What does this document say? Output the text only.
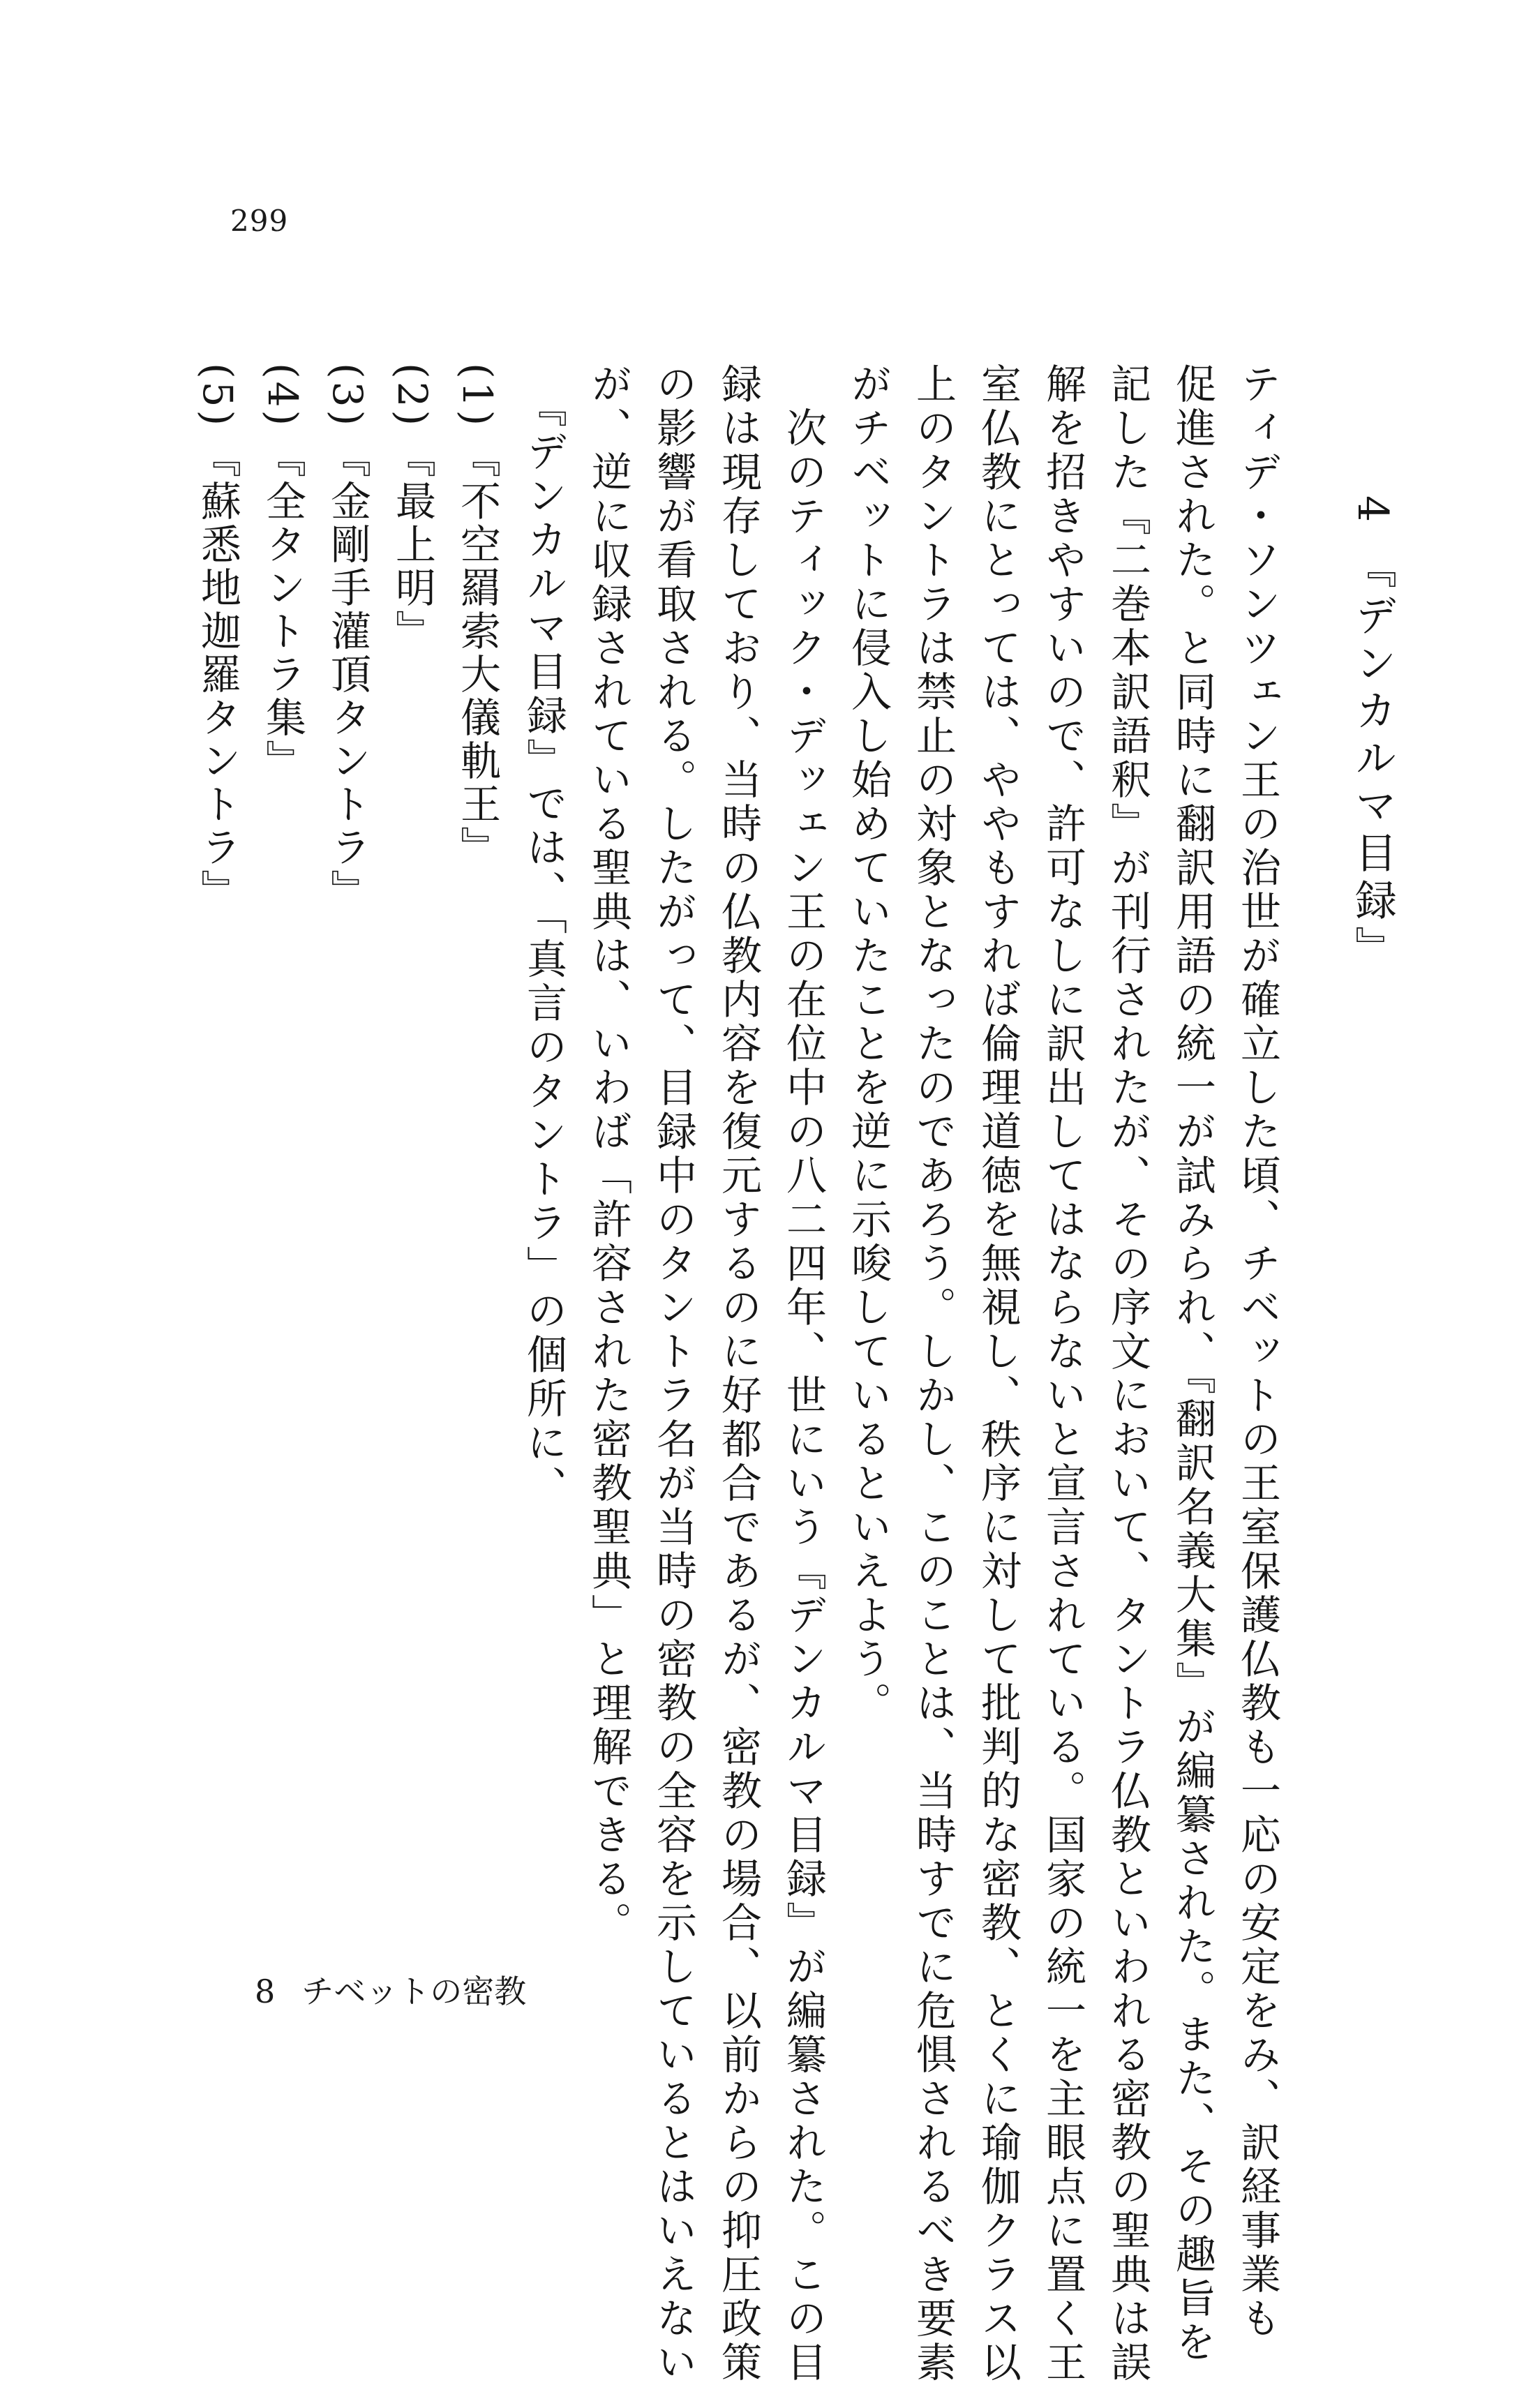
299
4 『デンカルマ目録』
ティデ・ソンツェン王の治世が確立した頃、チベットの王室保護仏教も一応の安定をみ、訳経事業も
促進された。と同時に翻訳用語の統一が試みられ、『翻訳名義大集』が編纂された。また、その趣旨を
記した『二巻本訳語釈』が刊行されたが、その序文において、タントラ仏教といわれる密教の聖典は誤
解を招きやすいので、許可なしに訳出してはならないと宣言されている。国家の統一を主眼点に置く王
室仏教にとっては、ややもすれば倫理道徳を無視し、秩序に対して批判的な密教、とくに瑜伽クラス以
上のタントラは禁止の対象となったのであろう。しかし、このことは、当時すでに危惧されるべき要素
がチベットに侵入し始めていたことを逆に示唆しているといえよう。
　次のティック・デッェン王の在位中の八二四年、世にいう『デンカルマ目録』が編纂された。この目
録は現存しており、当時の仏教内容を復元するのに好都合であるが、密教の場合、以前からの抑圧政策
の影響が看取される。したがって、目録中のタントラ名が当時の密教の全容を示しているとはいえない
が、逆に収録されている聖典は、いわば「許容された密教聖典」と理解できる。
　『デンカルマ目録』では、「真言のタントラ」の個所に、
(1)『不空羂索大儀軌王』
(2)『最上明』
(3)『金剛手灌頂タントラ』
(4)『全タントラ集』
(5)『蘇悉地迦羅タントラ』
8 チベットの密教
